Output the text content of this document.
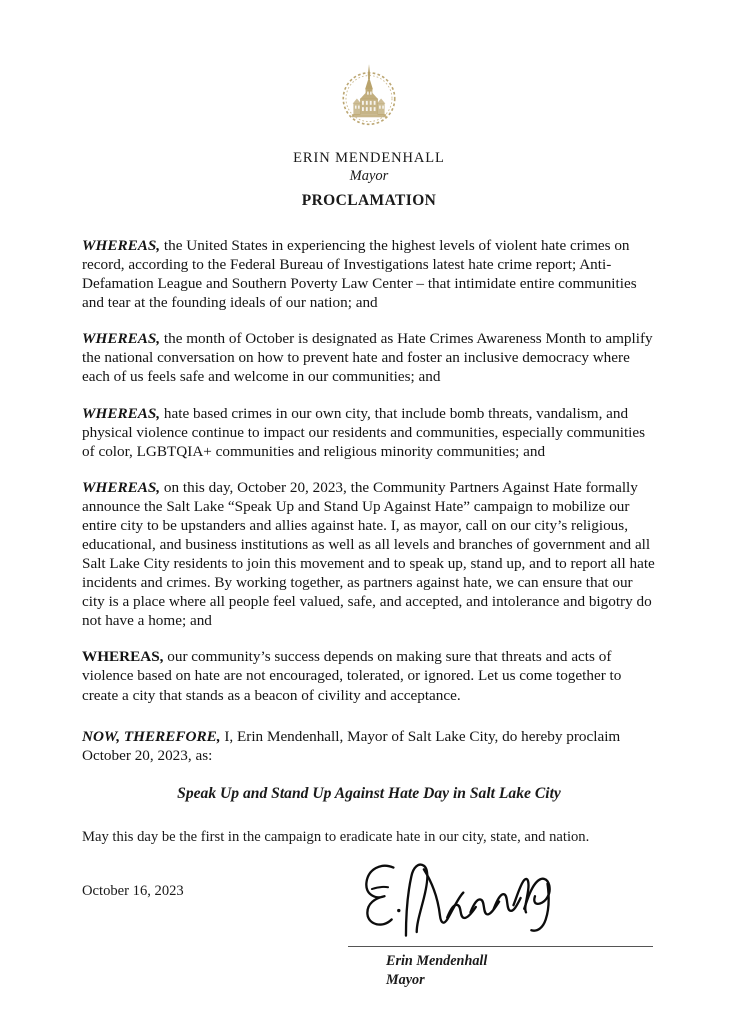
ERIN MENDENHALL
Mayor
PROCLAMATION

WHEREAS, the United States in experiencing the highest levels of violent hate crimes on record, according to the Federal Bureau of Investigations latest hate crime report; Anti-Defamation League and Southern Poverty Law Center – that intimidate entire communities and tear at the founding ideals of our nation; and

WHEREAS, the month of October is designated as Hate Crimes Awareness Month to amplify the national conversation on how to prevent hate and foster an inclusive democracy where each of us feels safe and welcome in our communities; and

WHEREAS, hate based crimes in our own city, that include bomb threats, vandalism, and physical violence continue to impact our residents and communities, especially communities of color, LGBTQIA+ communities and religious minority communities; and

WHEREAS, on this day, October 20, 2023, the Community Partners Against Hate formally announce the Salt Lake “Speak Up and Stand Up Against Hate” campaign to mobilize our entire city to be upstanders and allies against hate. I, as mayor, call on our city’s religious, educational, and business institutions as well as all levels and branches of government and all Salt Lake City residents to join this movement and to speak up, stand up, and to report all hate incidents and crimes. By working together, as partners against hate, we can ensure that our city is a place where all people feel valued, safe, and accepted, and intolerance and bigotry do not have a home; and

WHEREAS, our community’s success depends on making sure that threats and acts of violence based on hate are not encouraged, tolerated, or ignored. Let us come together to create a city that stands as a beacon of civility and acceptance.

NOW, THEREFORE, I, Erin Mendenhall, Mayor of Salt Lake City, do hereby proclaim October 20, 2023, as:

Speak Up and Stand Up Against Hate Day in Salt Lake City
May this day be the first in the campaign to eradicate hate in our city, state, and nation.
October 16, 2023
Erin Mendenhall
Mayor
